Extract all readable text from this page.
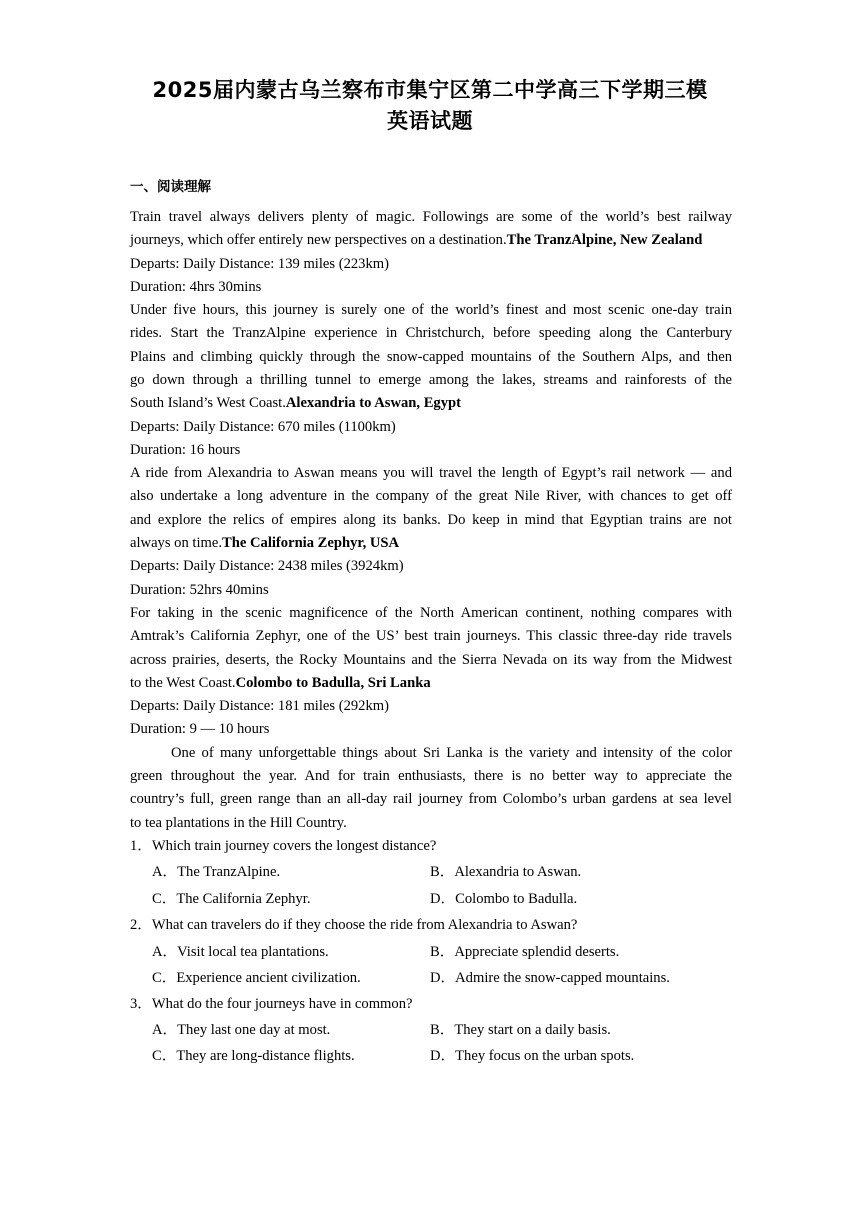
2025届内蒙古乌兰察布市集宁区第二中学高三下学期三模
英语试题
一、阅读理解
Train travel always delivers plenty of magic. Followings are some of the world’s best railway
journeys, which offer entirely new perspectives on a destination.The TranzAlpine, New Zealand
Departs: Daily Distance: 139 miles (223km)
Duration: 4hrs 30mins
Under five hours, this journey is surely one of the world’s finest and most scenic one-day train
rides. Start the TranzAlpine experience in Christchurch, before speeding along the Canterbury
Plains and climbing quickly through the snow-capped mountains of the Southern Alps, and then
go down through a thrilling tunnel to emerge among the lakes, streams and rainforests of the
South Island’s West Coast.Alexandria to Aswan, Egypt
Departs: Daily Distance: 670 miles (1100km)
Duration: 16 hours
A ride from Alexandria to Aswan means you will travel the length of Egypt’s rail network — and
also undertake a long adventure in the company of the great Nile River, with chances to get off
and explore the relics of empires along its banks. Do keep in mind that Egyptian trains are not
always on time.The California Zephyr, USA
Departs: Daily Distance: 2438 miles (3924km)
Duration: 52hrs 40mins
For taking in the scenic magnificence of the North American continent, nothing compares with
Amtrak’s California Zephyr, one of the US’ best train journeys. This classic three-day ride travels
across prairies, deserts, the Rocky Mountains and the Sierra Nevada on its way from the Midwest
to the West Coast.Colombo to Badulla, Sri Lanka
Departs: Daily Distance: 181 miles (292km)
Duration: 9 — 10 hours
One of many unforgettable things about Sri Lanka is the variety and intensity of the color
green throughout the year. And for train enthusiasts, there is no better way to appreciate the
country’s full, green range than an all-day rail journey from Colombo’s urban gardens at sea level
to tea plantations in the Hill Country.
1．Which train journey covers the longest distance?
A．The TranzAlpine.	B．Alexandria to Aswan.
C．The California Zephyr.	D．Colombo to Badulla.
2．What can travelers do if they choose the ride from Alexandria to Aswan?
A．Visit local tea plantations.	B．Appreciate splendid deserts.
C．Experience ancient civilization.	D．Admire the snow-capped mountains.
3．What do the four journeys have in common?
A．They last one day at most.	B．They start on a daily basis.
C．They are long-distance flights.	D．They focus on the urban spots.
